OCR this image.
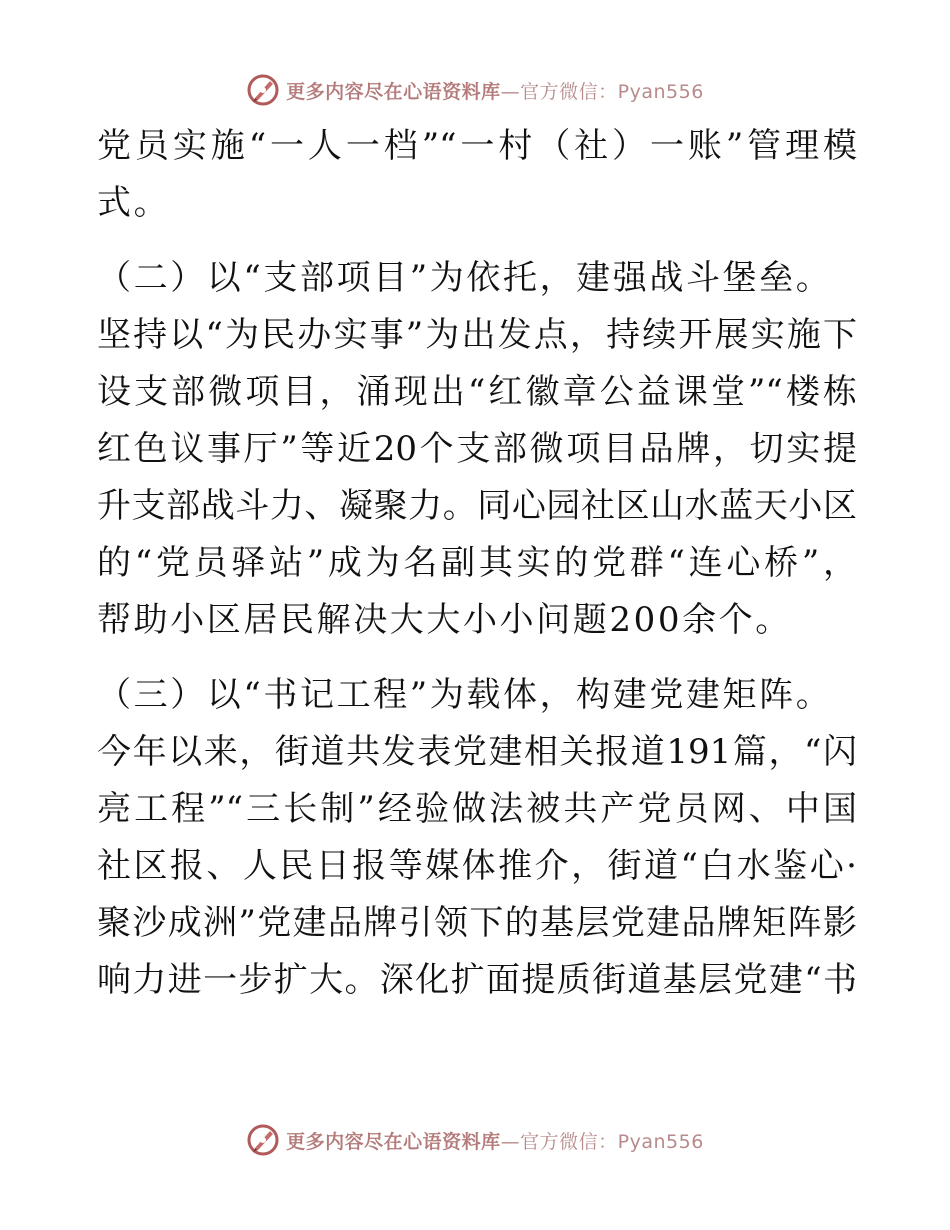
更多内容尽在心语资料库—官方微信：Pyan556
党员实施“一人一档”“一村（社）一账”管理模
式。
（二）以“支部项目”为依托，建强战斗堡垒。
坚持以“为民办实事”为出发点，持续开展实施下
设支部微项目，涌现出“红徽章公益课堂”“楼栋
红色议事厅”等近20个支部微项目品牌，切实提
升支部战斗力、凝聚力。同心园社区山水蓝天小区
的“党员驿站”成为名副其实的党群“连心桥”，
帮助小区居民解决大大小小问题200余个。
（三）以“书记工程”为载体，构建党建矩阵。
今年以来，街道共发表党建相关报道191篇，“闪
亮工程”“三长制”经验做法被共产党员网、中国
社区报、人民日报等媒体推介，街道“白水鉴心·
聚沙成洲”党建品牌引领下的基层党建品牌矩阵影
响力进一步扩大。深化扩面提质街道基层党建“书
更多内容尽在心语资料库—官方微信：Pyan556
